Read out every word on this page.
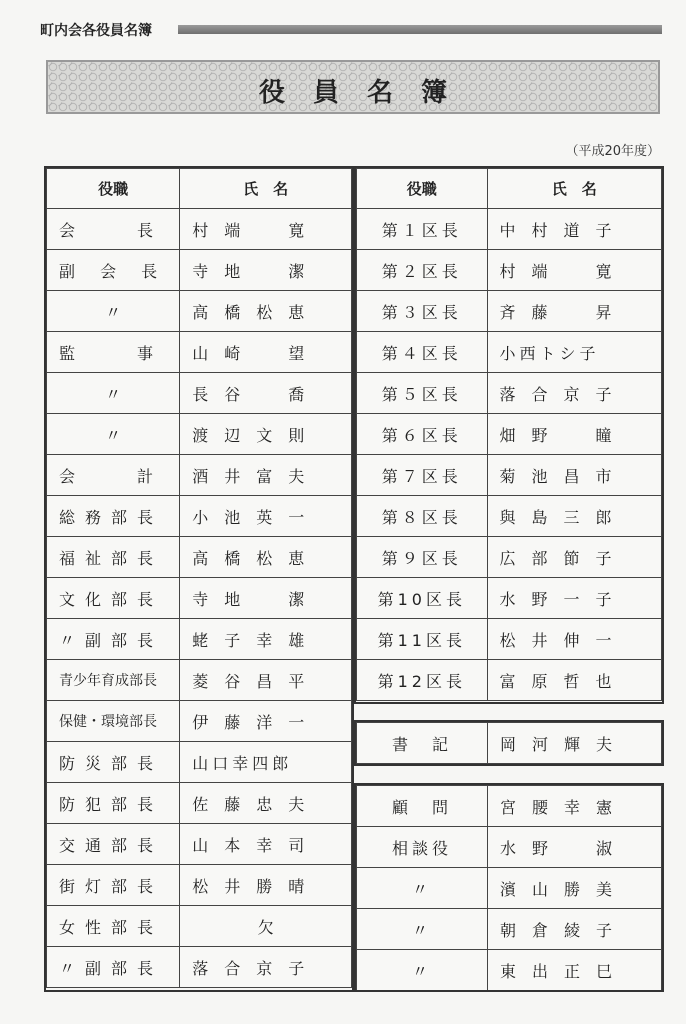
町内会各役員名簿
役員名簿
（平成20年度）
役職	氏　名
会　　長	村端　寛
副 会 長	寺地　潔
〃	高橋松恵
監　　事	山崎　望
〃	長谷　喬
〃	渡辺文則
会　　計	酒井富夫
総務部長	小池英一
福祉部長	高橋松恵
文化部長	寺地　潔
〃副部長	蛯子幸雄
青少年育成部長	菱谷昌平
保健・環境部長	伊藤洋一
防災部長	山口幸四郎
防犯部長	佐藤忠夫
交通部長	山本幸司
街灯部長	松井勝晴
女性部長	欠
〃副部長	落合京子
役職	氏　名
第１区長	中村道子
第２区長	村端　寛
第３区長	斉藤　昇
第４区長	小西トシ子
第５区長	落合京子
第６区長	畑野　瞳
第７区長	菊池昌市
第８区長	與島三郎
第９区長	広部節子
第10区長	水野一子
第11区長	松井伸一
第12区長	富原哲也
書　記	岡河輝夫
顧　問	宮腰幸憲
相談役	水野　淑
〃	濱山勝美
〃	朝倉綾子
〃	東出正巳
